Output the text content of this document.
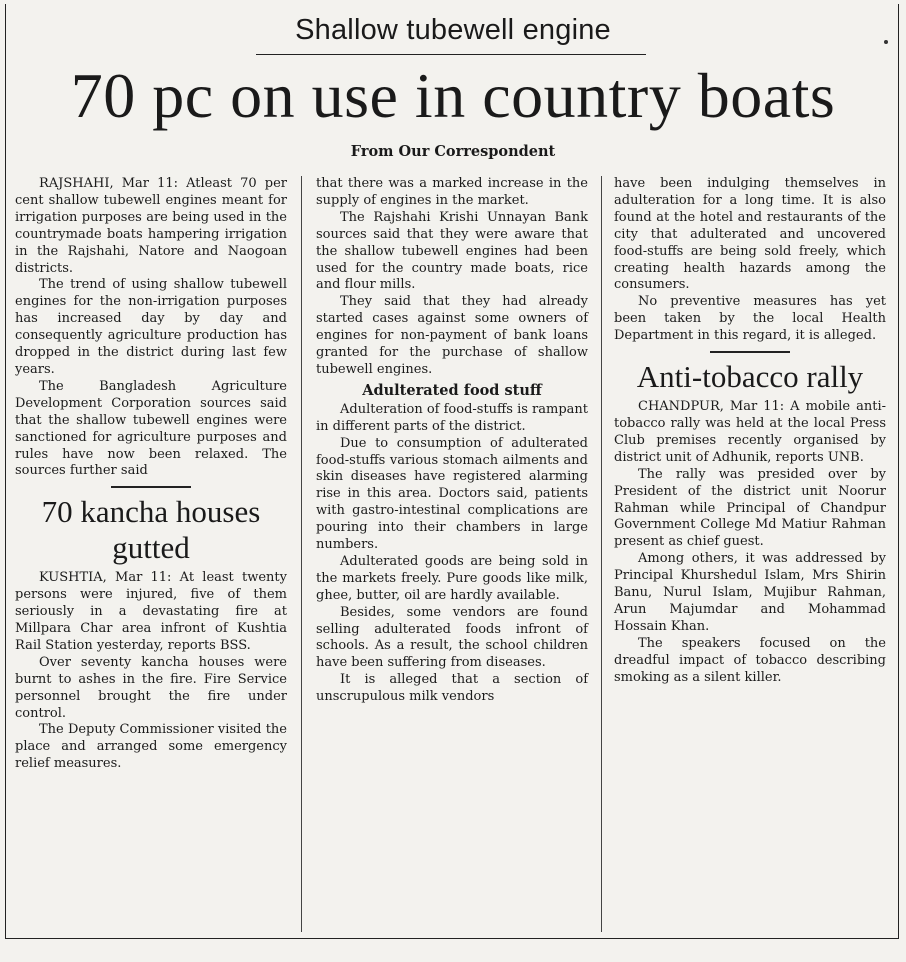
Shallow tubewell engine
70 pc on use in country boats
From Our Correspondent

RAJSHAHI, Mar 11: Atleast 70 per cent shallow tubewell engines meant for irrigation purposes are being used in the countrymade boats hampering irrigation in the Rajshahi, Natore and Naogoan districts.

The trend of using shallow tubewell engines for the non-irrigation purposes has increased day by day and consequently agriculture production has dropped in the district during last few years.

The Bangladesh Agriculture Development Corporation sources said that the shallow tubewell engines were sanctioned for agriculture purposes and rules have now been relaxed. The sources further said

70 kancha houses gutted

KUSHTIA, Mar 11: At least twenty persons were injured, five of them seriously in a devastating fire at Millpara Char area infront of Kushtia Rail Station yesterday, reports BSS.

Over seventy kancha houses were burnt to ashes in the fire. Fire Service personnel brought the fire under control.

The Deputy Commissioner visited the place and arranged some emergency relief measures.

that there was a marked increase in the supply of engines in the market.

The Rajshahi Krishi Unnayan Bank sources said that they were aware that the shallow tubewell engines had been used for the country made boats, rice and flour mills.

They said that they had already started cases against some owners of engines for non-payment of bank loans granted for the purchase of shallow tubewell engines.

Adulterated food stuff

Adulteration of food-stuffs is rampant in different parts of the district.

Due to consumption of adulterated food-stuffs various stomach ailments and skin diseases have registered alarming rise in this area. Doctors said, patients with gastro-intestinal complications are pouring into their chambers in large numbers.

Adulterated goods are being sold in the markets freely. Pure goods like milk, ghee, butter, oil are hardly available.

Besides, some vendors are found selling adulterated foods infront of schools. As a result, the school children have been suffering from diseases.

It is alleged that a section of unscrupulous milk vendors

have been indulging themselves in adulteration for a long time. It is also found at the hotel and restaurants of the city that adulterated and uncovered food-stuffs are being sold freely, which creating health hazards among the consumers.

No preventive measures has yet been taken by the local Health Department in this regard, it is alleged.

Anti-tobacco rally

CHANDPUR, Mar 11: A mobile anti-tobacco rally was held at the local Press Club premises recently organised by district unit of Adhunik, reports UNB.

The rally was presided over by President of the district unit Noorur Rahman while Principal of Chandpur Government College Md Matiur Rahman present as chief guest.

Among others, it was addressed by Principal Khurshedul Islam, Mrs Shirin Banu, Nurul Islam, Mujibur Rahman, Arun Majumdar and Mohammad Hossain Khan.

The speakers focused on the dreadful impact of tobacco describing smoking as a silent killer.
